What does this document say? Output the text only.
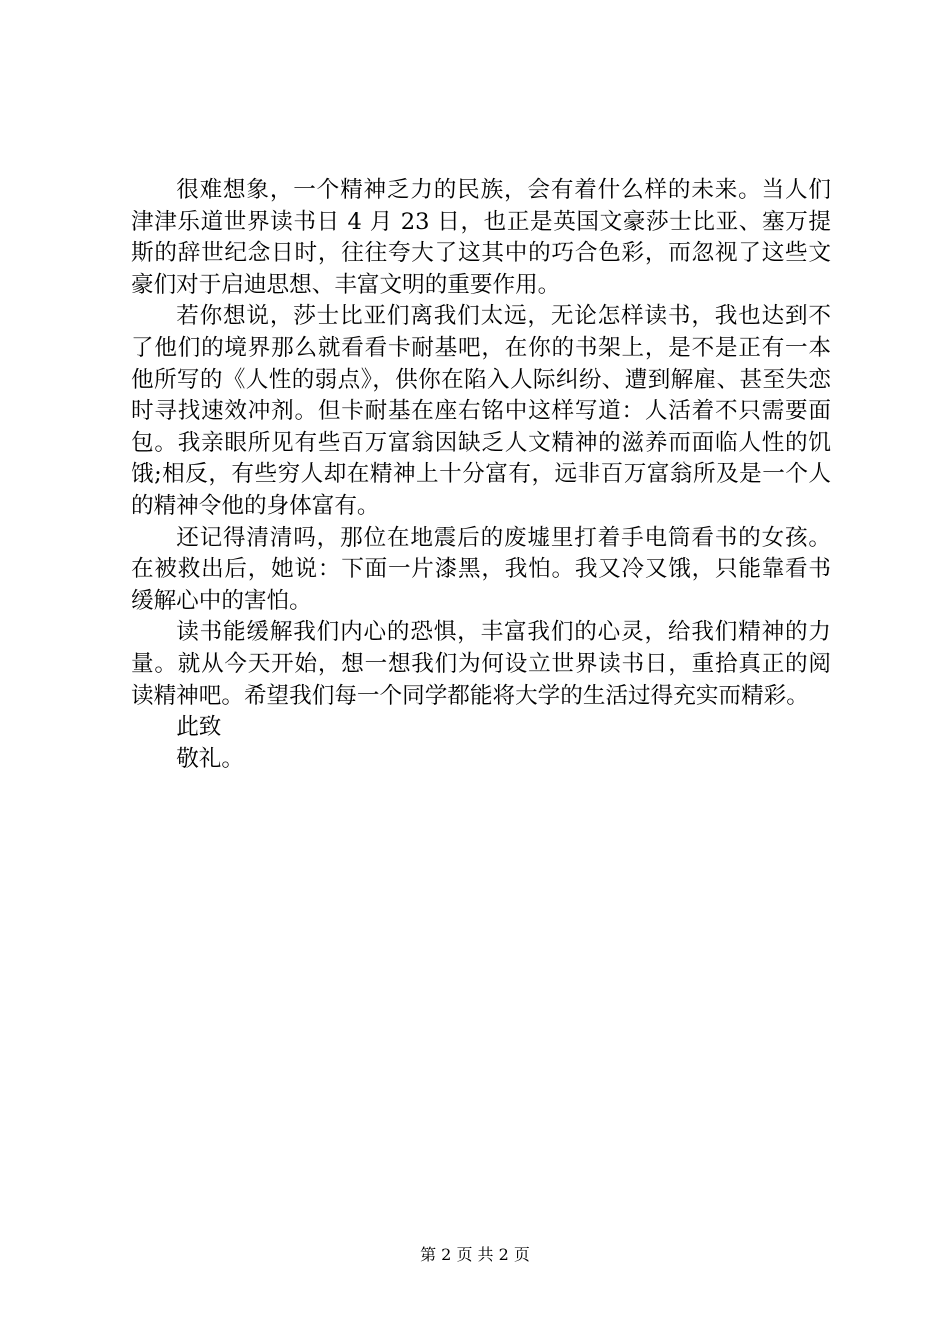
很难想象，一个精神乏力的民族，会有着什么样的未来。当人们津津乐道世界读书日 4 月 23 日，也正是英国文豪莎士比亚、塞万提斯的辞世纪念日时，往往夸大了这其中的巧合色彩，而忽视了这些文豪们对于启迪思想、丰富文明的重要作用。

若你想说，莎士比亚们离我们太远，无论怎样读书，我也达到不了他们的境界那么就看看卡耐基吧，在你的书架上，是不是正有一本他所写的《人性的弱点》，供你在陷入人际纠纷、遭到解雇、甚至失恋时寻找速效冲剂。但卡耐基在座右铭中这样写道：人活着不只需要面包。我亲眼所见有些百万富翁因缺乏人文精神的滋养而面临人性的饥饿;相反，有些穷人却在精神上十分富有，远非百万富翁所及是一个人的精神令他的身体富有。

还记得清清吗，那位在地震后的废墟里打着手电筒看书的女孩。在被救出后，她说：下面一片漆黑，我怕。我又冷又饿，只能靠看书缓解心中的害怕。

读书能缓解我们内心的恐惧，丰富我们的心灵，给我们精神的力量。就从今天开始，想一想我们为何设立世界读书日，重拾真正的阅读精神吧。希望我们每一个同学都能将大学的生活过得充实而精彩。

此致

敬礼。

第 2 页 共 2 页
